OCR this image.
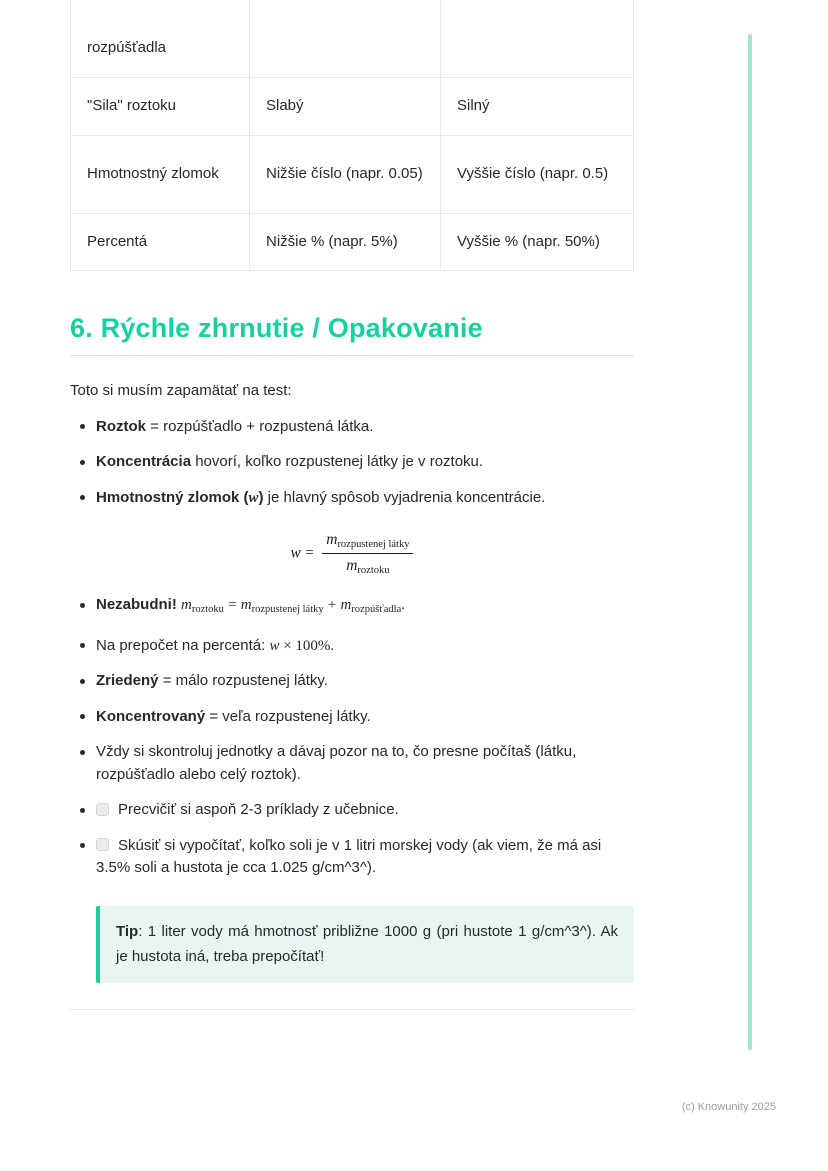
rozpúšťadla		
"Sila" roztoku	Slabý	Silný
Hmotnostný zlomok	Nižšie číslo (napr. 0.05)	Vyššie číslo (napr. 0.5)
Percentá	Nižšie % (napr. 5%)	Vyššie % (napr. 50%)
6. Rýchle zhrnutie / Opakovanie

Toto si musím zapamätať na test:

Roztok = rozpúšťadlo + rozpustená látka.
Koncentrácia hovorí, koľko rozpustenej látky je v roztoku.
Hmotnostný zlomok (w) je hlavný spôsob vyjadrenia koncentrácie.
$w = \frac{\text{mrozpustenej látky}}{\text{mroztoku}}$
Nezabudni! $m_{roztoku} = m_{rozpustenej látky} + m_{rozpúšťadla}$.
Na prepočet na percentá: w × 100%.
Zriedený = málo rozpustenej látky.
Koncentrovaný = veľa rozpustenej látky.
Vždy si skontroluj jednotky a dávaj pozor na to, čo presne počítaš (látku, rozpúšťadlo alebo celý roztok).
Precvičiť si aspoň 2-3 príklady z učebnice.
Skúsiť si vypočítať, koľko soli je v 1 litri morskej vody (ak viem, že má asi 3.5% soli a hustota je cca 1.025 g/cm^3^).
Tip: 1 liter vody má hmotnosť približne 1000 g (pri hustote 1 g/cm^3^). Ak je hustota iná, treba prepočítať!
(c) Knowunity 2025
